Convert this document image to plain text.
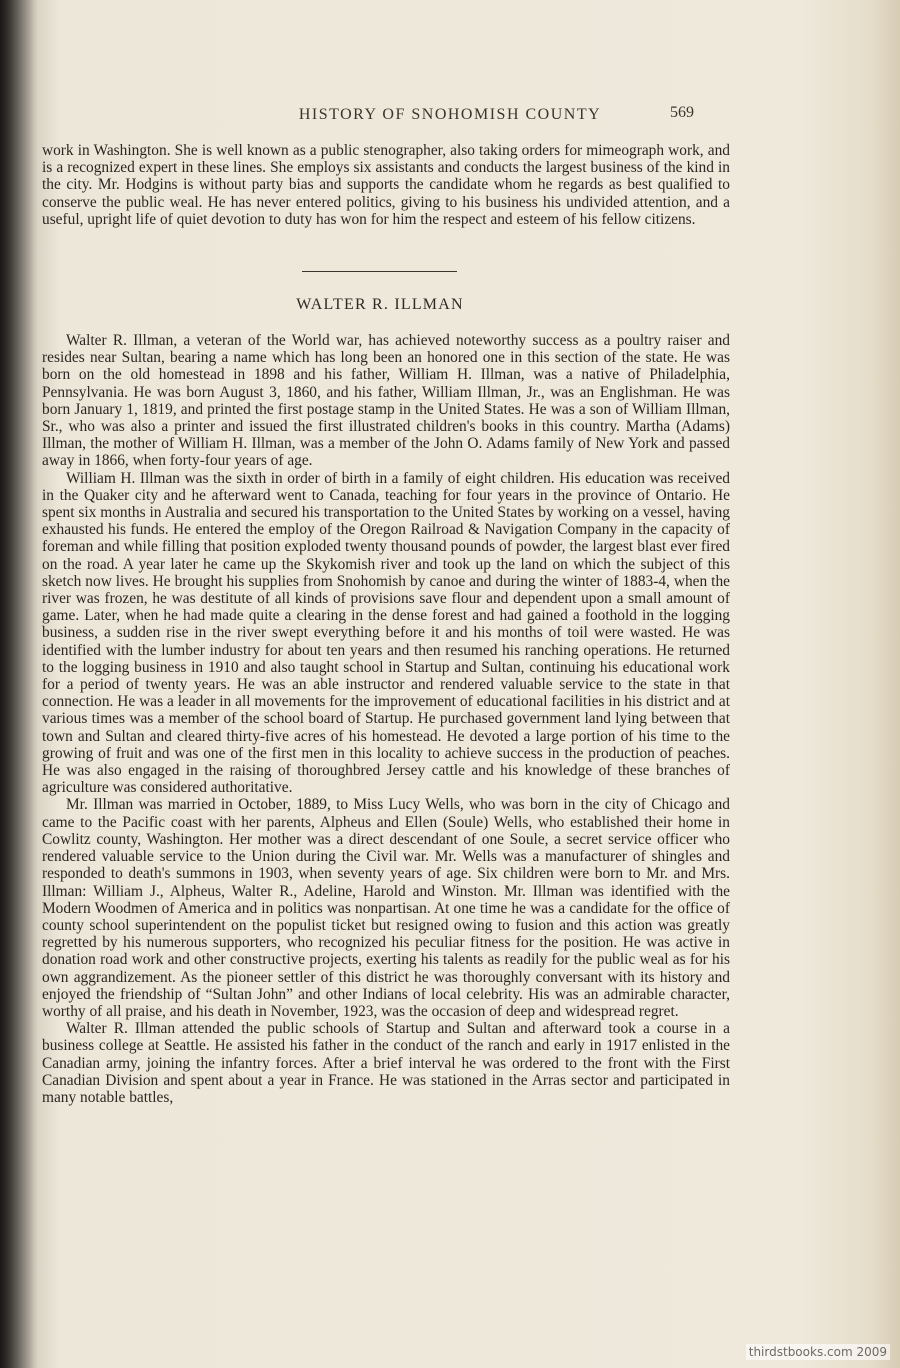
HISTORY OF SNOHOMISH COUNTY	569

work in Washington. She is well known as a public stenographer, also taking orders for mimeograph work, and is a recognized expert in these lines. She employs six assistants and conducts the largest business of the kind in the city. Mr. Hodgins is without party bias and supports the candidate whom he regards as best qualified to conserve the public weal. He has never entered politics, giving to his business his undivided attention, and a useful, upright life of quiet devotion to duty has won for him the respect and esteem of his fellow citizens.

WALTER R. ILLMAN

Walter R. Illman, a veteran of the World war, has achieved noteworthy success as a poultry raiser and resides near Sultan, bearing a name which has long been an honored one in this section of the state. He was born on the old homestead in 1898 and his father, William H. Illman, was a native of Philadelphia, Pennsylvania. He was born August 3, 1860, and his father, William Illman, Jr., was an Englishman. He was born January 1, 1819, and printed the first postage stamp in the United States. He was a son of William Illman, Sr., who was also a printer and issued the first illustrated children's books in this country. Martha (Adams) Illman, the mother of William H. Illman, was a member of the John O. Adams family of New York and passed away in 1866, when forty-four years of age.

William H. Illman was the sixth in order of birth in a family of eight children. His education was received in the Quaker city and he afterward went to Canada, teaching for four years in the province of Ontario. He spent six months in Australia and secured his transportation to the United States by working on a vessel, having exhausted his funds. He entered the employ of the Oregon Railroad & Navigation Company in the capacity of foreman and while filling that position exploded twenty thousand pounds of powder, the largest blast ever fired on the road. A year later he came up the Skykomish river and took up the land on which the subject of this sketch now lives. He brought his supplies from Snohomish by canoe and during the winter of 1883-4, when the river was frozen, he was destitute of all kinds of provisions save flour and dependent upon a small amount of game. Later, when he had made quite a clearing in the dense forest and had gained a foothold in the logging business, a sudden rise in the river swept everything before it and his months of toil were wasted. He was identified with the lumber industry for about ten years and then resumed his ranching operations. He returned to the logging business in 1910 and also taught school in Startup and Sultan, continuing his educational work for a period of twenty years. He was an able instructor and rendered valuable service to the state in that connection. He was a leader in all movements for the improvement of educational facilities in his district and at various times was a member of the school board of Startup. He purchased government land lying between that town and Sultan and cleared thirty-five acres of his homestead. He devoted a large portion of his time to the growing of fruit and was one of the first men in this locality to achieve success in the production of peaches. He was also engaged in the raising of thoroughbred Jersey cattle and his knowledge of these branches of agriculture was considered authoritative.

Mr. Illman was married in October, 1889, to Miss Lucy Wells, who was born in the city of Chicago and came to the Pacific coast with her parents, Alpheus and Ellen (Soule) Wells, who established their home in Cowlitz county, Washington. Her mother was a direct descendant of one Soule, a secret service officer who rendered valuable service to the Union during the Civil war. Mr. Wells was a manufacturer of shingles and responded to death's summons in 1903, when seventy years of age. Six children were born to Mr. and Mrs. Illman: William J., Alpheus, Walter R., Adeline, Harold and Winston. Mr. Illman was identified with the Modern Woodmen of America and in politics was nonpartisan. At one time he was a candidate for the office of county school superintendent on the populist ticket but resigned owing to fusion and this action was greatly regretted by his numerous supporters, who recognized his peculiar fitness for the position. He was active in donation road work and other constructive projects, exerting his talents as readily for the public weal as for his own aggrandizement. As the pioneer settler of this district he was thoroughly conversant with its history and enjoyed the friendship of “Sultan John” and other Indians of local celebrity. His was an admirable character, worthy of all praise, and his death in November, 1923, was the occasion of deep and widespread regret.

Walter R. Illman attended the public schools of Startup and Sultan and afterward took a course in a business college at Seattle. He assisted his father in the conduct of the ranch and early in 1917 enlisted in the Canadian army, joining the infantry forces. After a brief interval he was ordered to the front with the First Canadian Division and spent about a year in France. He was stationed in the Arras sector and participated in many notable battles,

thirdstbooks.com 2009
